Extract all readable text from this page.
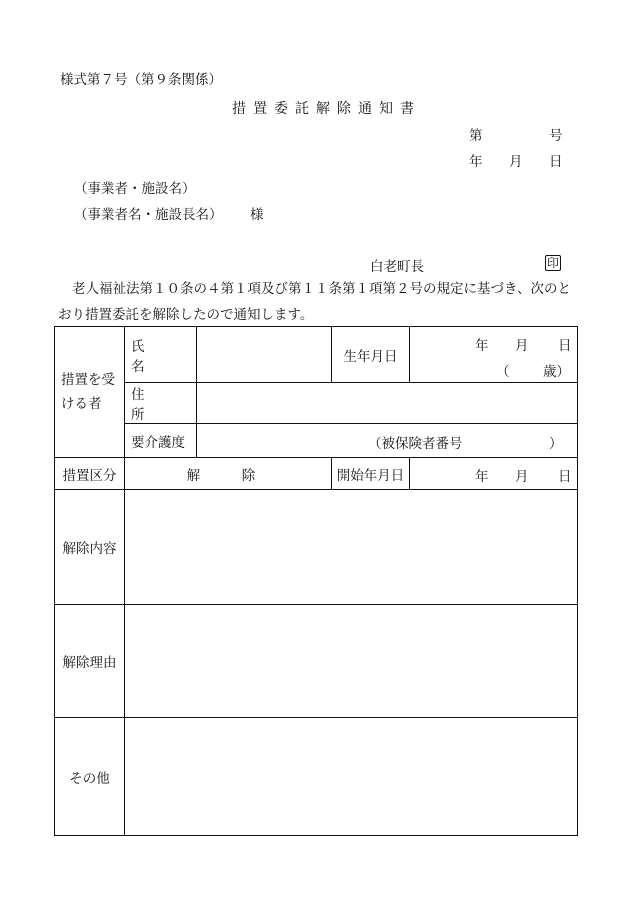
様式第７号（第９条関係）
措置委託解除通知書
第	号
年 月 日
（事業者・施設名）
（事業者名・施設長名） 様
白老町長	印
老人福祉法第１０条の４第１項及び第１１条第１項第２号の規定に基づき、次のとおり措置委託を解除したので通知します。
措置を受ける者	氏　名		生年月日	年 月 日
（ 歳）

	住　所			
	要介護度	（被保険者番号 ）		

措置区分	解　除		開始年月日	年 月 日

解除内容				
解除理由				
その他				
